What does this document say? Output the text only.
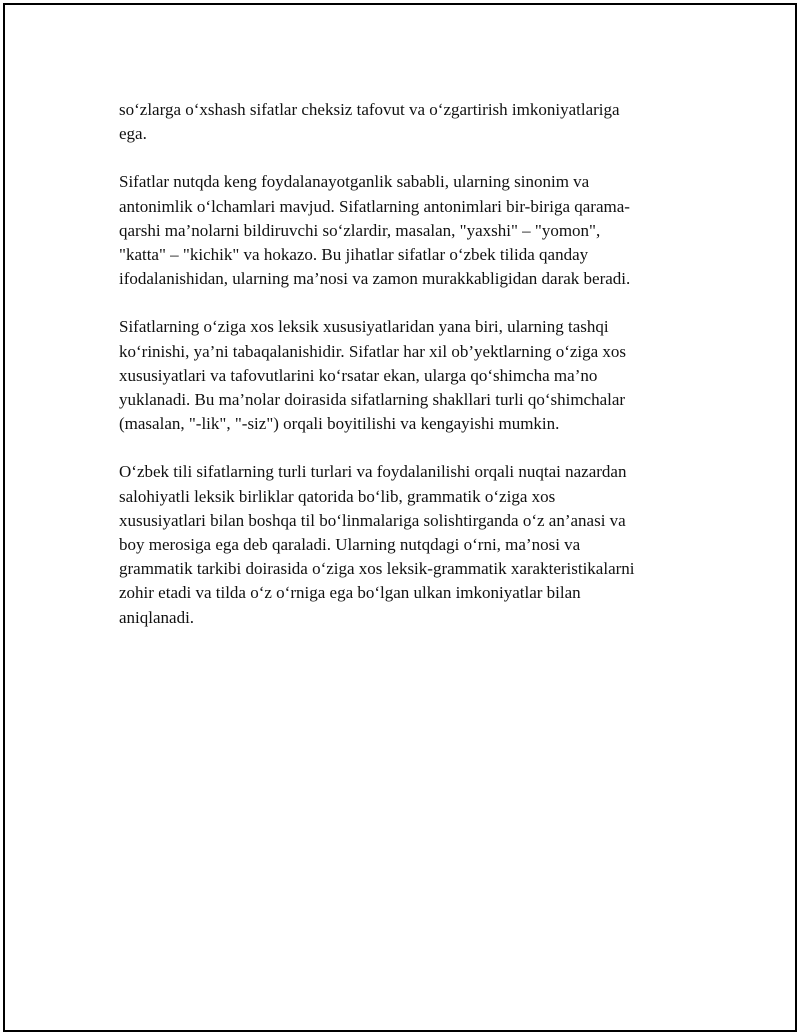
so‘zlarga o‘xshash sifatlar cheksiz tafovut va o‘zgartirish imkoniyatlariga
ega.

Sifatlar nutqda keng foydalanayotganlik sababli, ularning sinonim va
antonimlik o‘lchamlari mavjud. Sifatlarning antonimlari bir-biriga qarama-
qarshi ma’nolarni bildiruvchi so‘zlardir, masalan, "yaxshi" – "yomon",
"katta" – "kichik" va hokazo. Bu jihatlar sifatlar o‘zbek tilida qanday
ifodalanishidan, ularning ma’nosi va zamon murakkabligidan darak beradi.

Sifatlarning o‘ziga xos leksik xususiyatlaridan yana biri, ularning tashqi
ko‘rinishi, ya’ni tabaqalanishidir. Sifatlar har xil ob’yektlarning o‘ziga xos
xususiyatlari va tafovutlarini ko‘rsatar ekan, ularga qo‘shimcha ma’no
yuklanadi. Bu ma’nolar doirasida sifatlarning shakllari turli qo‘shimchalar
(masalan, "-lik", "-siz") orqali boyitilishi va kengayishi mumkin.

O‘zbek tili sifatlarning turli turlari va foydalanilishi orqali nuqtai nazardan
salohiyatli leksik birliklar qatorida bo‘lib, grammatik o‘ziga xos
xususiyatlari bilan boshqa til bo‘linmalariga solishtirganda o‘z an’anasi va
boy merosiga ega deb qaraladi. Ularning nutqdagi o‘rni, ma’nosi va
grammatik tarkibi doirasida o‘ziga xos leksik-grammatik xarakteristikalarni
zohir etadi va tilda o‘z o‘rniga ega bo‘lgan ulkan imkoniyatlar bilan
aniqlanadi.
